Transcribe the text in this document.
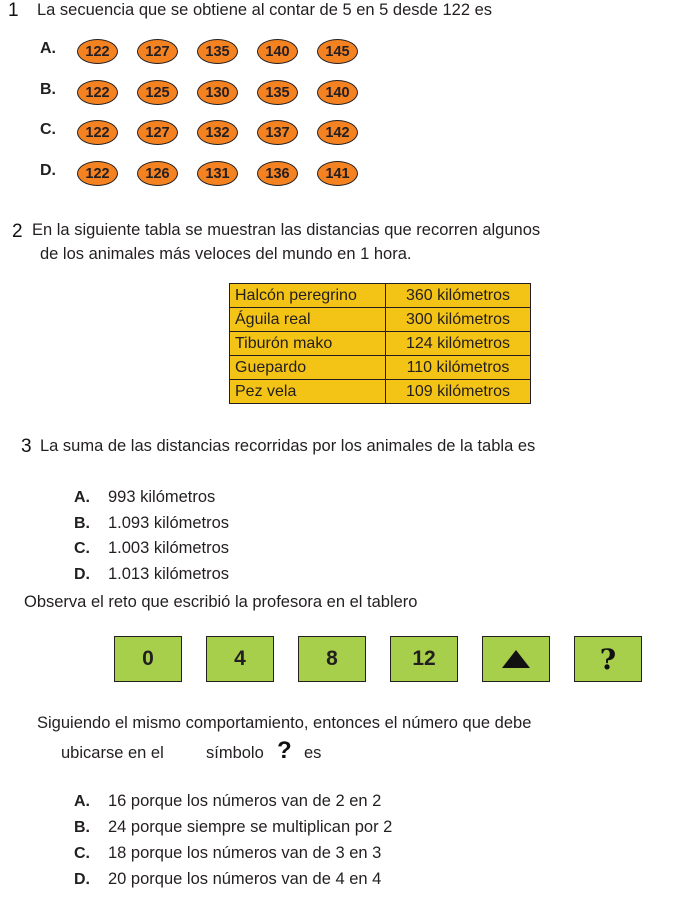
1 La secuencia que se obtiene al contar de 5 en 5 desde 122 es
A.	122	127	135	140	145
B.	122	125	130	135	140
C.	122	127	132	137	142
D.	122	126	131	136	141
2 En la siguiente tabla se muestran las distancias que recorren algunos
de los animales más veloces del mundo en 1 hora.
Halcón peregrino	360 kilómetros
Águila real	300 kilómetros
Tiburón mako	124 kilómetros
Guepardo	110 kilómetros
Pez vela	109 kilómetros
3 La suma de las distancias recorridas por los animales de la tabla es
A. 993 kilómetros
B. 1.093 kilómetros
C. 1.003 kilómetros
D. 1.013 kilómetros
Observa el reto que escribió la profesora en el tablero
0	4	8	12	?
Siguiendo el mismo comportamiento, entonces el número que debe
ubicarse en el	símbolo ? es
A. 16 porque los números van de 2 en 2
B. 24 porque siempre se multiplican por 2
C. 18 porque los números van de 3 en 3
D. 20 porque los números van de 4 en 4
